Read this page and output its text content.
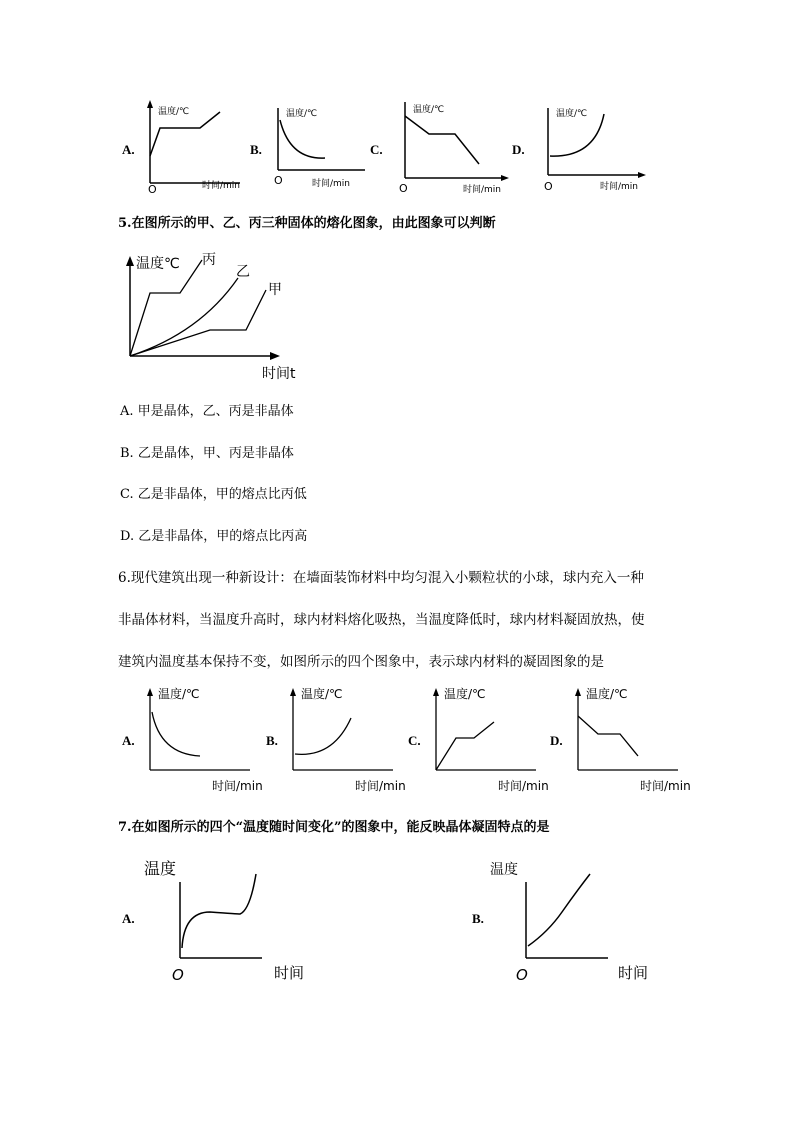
A.
温度/℃
O	时间/min
B.
温度/℃
O	时间/min
C.
温度/℃
O	时间/min
D.
温度/℃
O	时间/min
5.在图所示的甲、乙、丙三种固体的熔化图象，由此图象可以判断
温度℃ 丙
乙
甲
时间t
A. 甲是晶体，乙、丙是非晶体
B. 乙是晶体，甲、丙是非晶体
C. 乙是非晶体，甲的熔点比丙低
D. 乙是非晶体，甲的熔点比丙高
6.现代建筑出现一种新设计：在墙面装饰材料中均匀混入小颗粒状的小球，球内充入一种
非晶体材料，当温度升高时，球内材料熔化吸热，当温度降低时，球内材料凝固放热，使
建筑内温度基本保持不变，如图所示的四个图象中，表示球内材料的凝固图象的是
A.
温度/℃
时间/min
B.
温度/℃
时间/min
C.
温度/℃
时间/min
D.
温度/℃
时间/min
7.在如图所示的四个“温度随时间变化”的图象中，能反映晶体凝固特点的是
A.
温度
O	时间
B.
温度
O	时间
